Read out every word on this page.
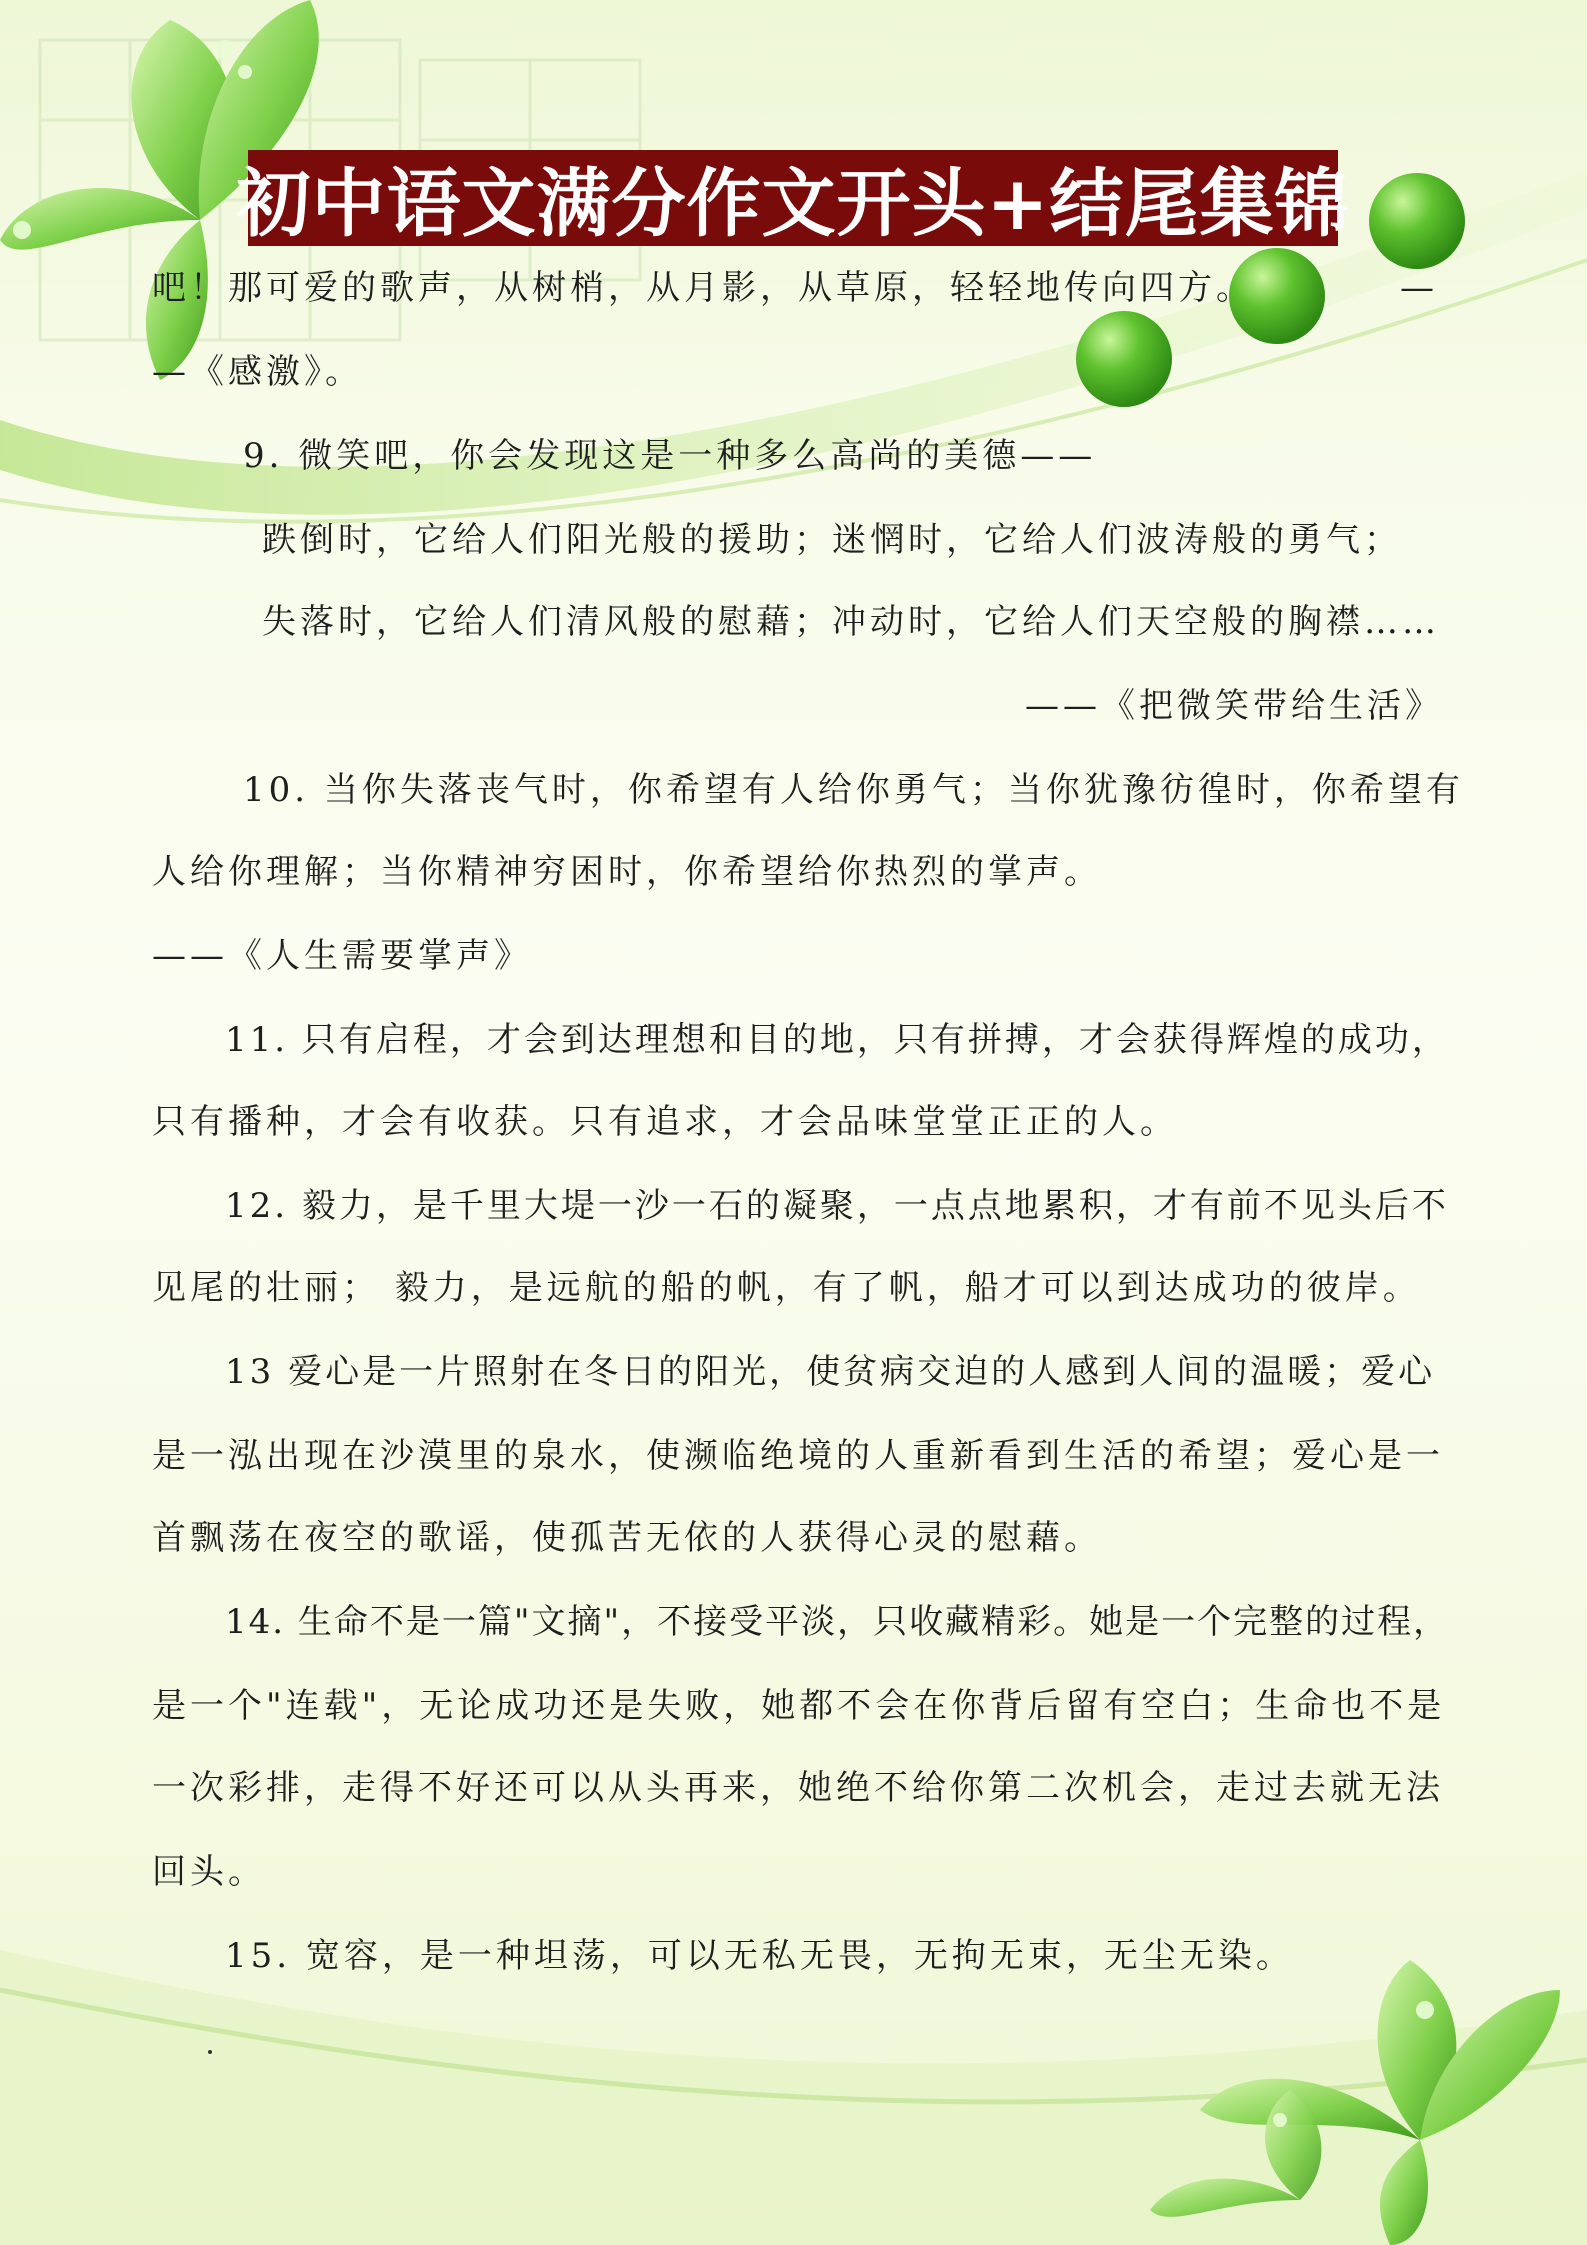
初中语文满分作文开头+结尾集锦
吧！那可爱的歌声，从树梢，从月影，从草原，轻轻地传向四方。	—
—《感激》。
9. 微笑吧，你会发现这是一种多么高尚的美德——
跌倒时，它给人们阳光般的援助；迷惘时，它给人们波涛般的勇气；
失落时，它给人们清风般的慰藉；冲动时，它给人们天空般的胸襟……
——《把微笑带给生活》
10. 当你失落丧气时，你希望有人给你勇气；当你犹豫彷徨时，你希望有
人给你理解；当你精神穷困时，你希望给你热烈的掌声。
——《人生需要掌声》
11. 只有启程，才会到达理想和目的地，只有拼搏，才会获得辉煌的成功，
只有播种，才会有收获。只有追求，才会品味堂堂正正的人。
12. 毅力，是千里大堤一沙一石的凝聚，一点点地累积，才有前不见头后不
见尾的壮丽； 毅力，是远航的船的帆，有了帆，船才可以到达成功的彼岸。
13 爱心是一片照射在冬日的阳光，使贫病交迫的人感到人间的温暖；爱心
是一泓出现在沙漠里的泉水，使濒临绝境的人重新看到生活的希望；爱心是一
首飘荡在夜空的歌谣，使孤苦无依的人获得心灵的慰藉。
14. 生命不是一篇"文摘"，不接受平淡，只收藏精彩。她是一个完整的过程，
是一个"连载"，无论成功还是失败，她都不会在你背后留有空白；生命也不是
一次彩排，走得不好还可以从头再来，她绝不给你第二次机会，走过去就无法
回头。
15. 宽容，是一种坦荡，可以无私无畏，无拘无束，无尘无染。
